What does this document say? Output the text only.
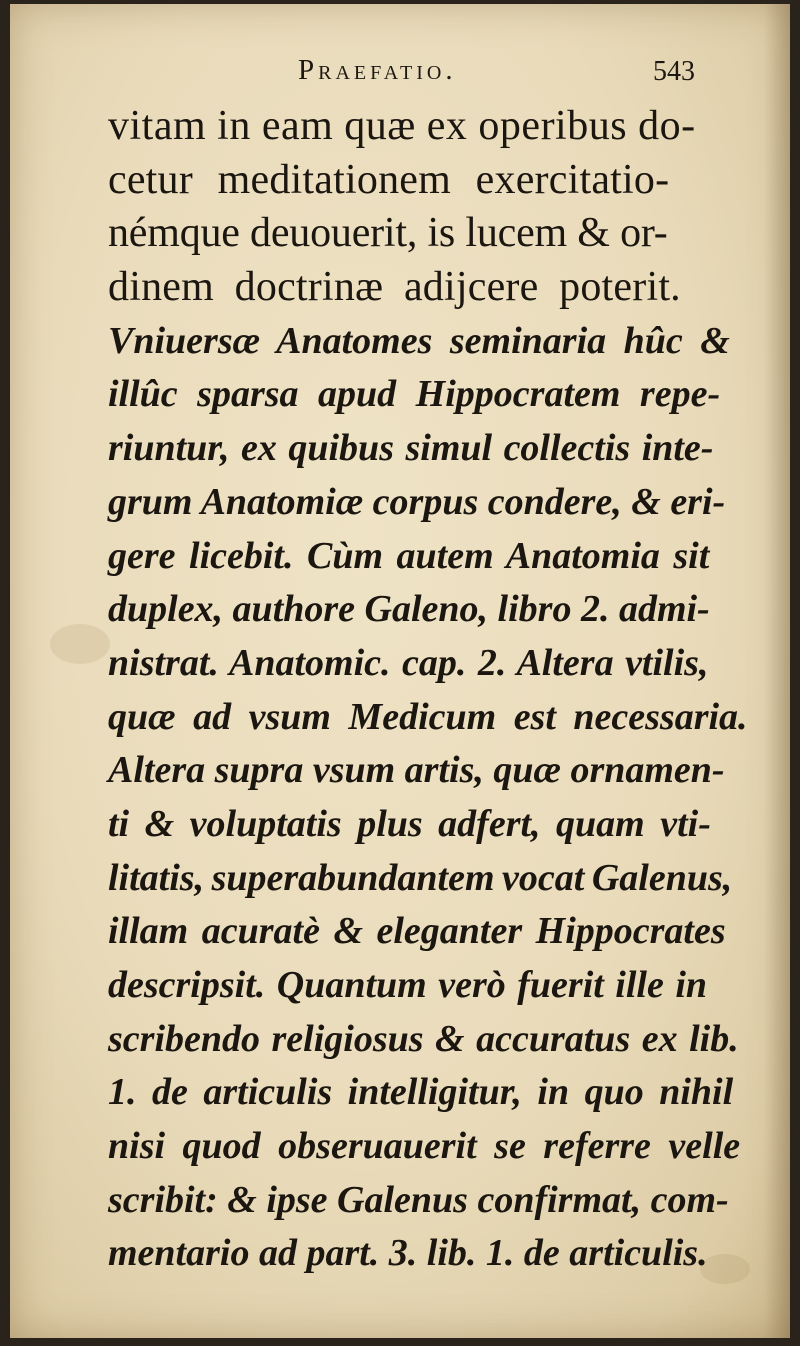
Praefatio.	543
vitam in eam quæ ex operibus do-
cetur meditationem exercitatio-
némque deuouerit, is lucem & or-
dinem doctrinæ adijcere poterit.
Vniuersæ Anatomes seminaria hûc &
illûc sparsa apud Hippocratem repe-
riuntur, ex quibus simul collectis inte-
grum Anatomiæ corpus condere, & eri-
gere licebit. Cùm autem Anatomia sit
duplex, authore Galeno, libro 2. admi-
nistrat. Anatomic. cap. 2. Altera vtilis,
quæ ad vsum Medicum est necessaria.
Altera supra vsum artis, quæ ornamen-
ti & voluptatis plus adfert, quam vti-
litatis, superabundantem vocat Galenus,
illam acuratè & eleganter Hippocrates
descripsit. Quantum verò fuerit ille in
scribendo religiosus & accuratus ex lib.
1. de articulis intelligitur, in quo nihil
nisi quod obseruauerit se referre velle
scribit: & ipse Galenus confirmat, com-
mentario ad part. 3. lib. 1. de articulis.
